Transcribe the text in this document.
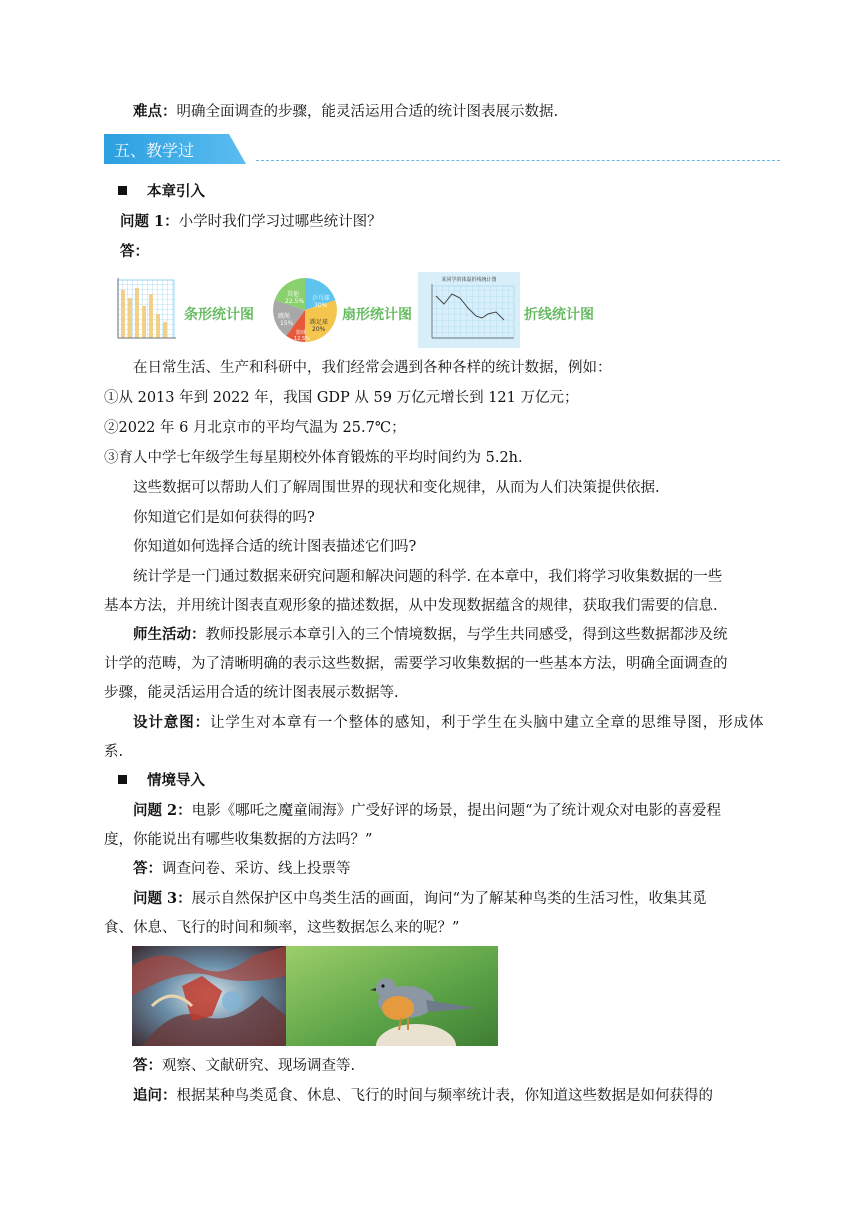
难点：明确全面调查的步骤，能灵活运用合适的统计图表展示数据.
五、教学过
本章引入
问题 1：小学时我们学习过哪些统计图？
答：
条形统计图
其他
22.5% 乒乓球
30%
踢足球
20%
跳绳
15%
篮球
12.5%
扇形统计图
某同学的体温折线统计图
折线统计图
在日常生活、生产和科研中，我们经常会遇到各种各样的统计数据，例如：
①从 2013 年到 2022 年，我国 GDP 从 59 万亿元增长到 121 万亿元；
②2022 年 6 月北京市的平均气温为 25.7℃；
③育人中学七年级学生每星期校外体育锻炼的平均时间约为 5.2h.
这些数据可以帮助人们了解周围世界的现状和变化规律，从而为人们决策提供依据.
你知道它们是如何获得的吗?
你知道如何选择合适的统计图表描述它们吗?
统计学是一门通过数据来研究问题和解决问题的科学. 在本章中，我们将学习收集数据的一些
基本方法，并用统计图表直观形象的描述数据，从中发现数据蕴含的规律，获取我们需要的信息.
师生活动：教师投影展示本章引入的三个情境数据，与学生共同感受，得到这些数据都涉及统
计学的范畴，为了清晰明确的表示这些数据，需要学习收集数据的一些基本方法，明确全面调查的
步骤，能灵活运用合适的统计图表展示数据等.
设计意图：让学生对本章有一个整体的感知，利于学生在头脑中建立全章的思维导图，形成体
系.
情境导入
问题 2：电影《哪吒之魔童闹海》广受好评的场景，提出问题“为了统计观众对电影的喜爱程
度，你能说出有哪些收集数据的方法吗？”
答：调查问卷、采访、线上投票等
问题 3：展示自然保护区中鸟类生活的画面，询问“为了解某种鸟类的生活习性，收集其觅
食、休息、飞行的时间和频率，这些数据怎么来的呢？”
答：观察、文献研究、现场调查等.
追问：根据某种鸟类觅食、休息、飞行的时间与频率统计表，你知道这些数据是如何获得的
